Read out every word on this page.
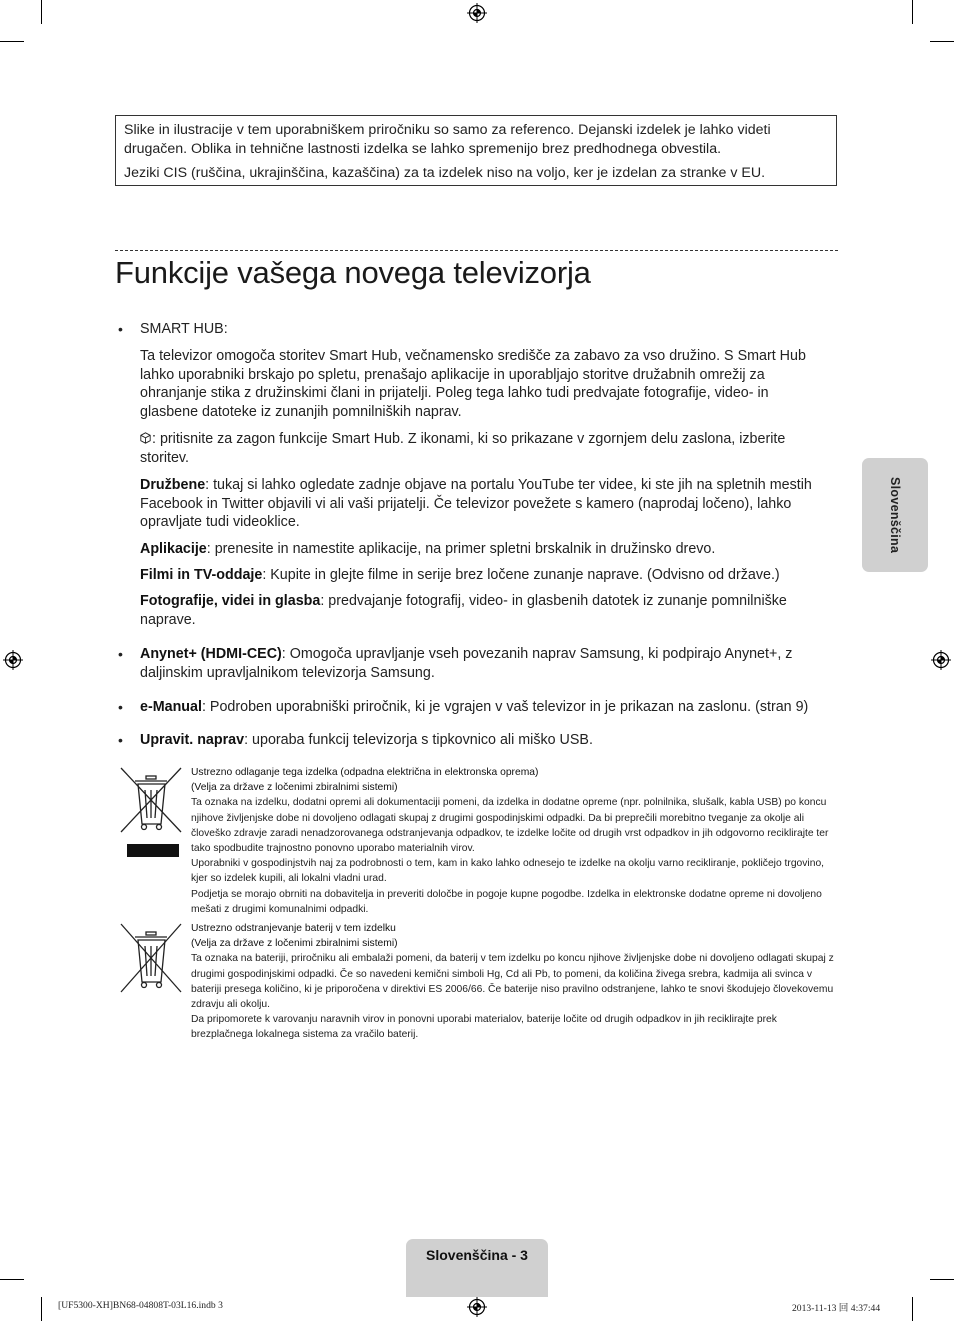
Slike in ilustracije v tem uporabniškem priročniku so samo za referenco. Dejanski izdelek je lahko videti drugačen. Oblika in tehnične lastnosti izdelka se lahko spremenijo brez predhodnega obvestila.

Jeziki CIS (ruščina, ukrajinščina, kazaščina) za ta izdelek niso na voljo, ker je izdelan za stranke v EU.

Funkcije vašega novega televizorja
• SMART HUB:

Ta televizor omogoča storitev Smart Hub, večnamensko središče za zabavo za vso družino. S Smart Hub lahko uporabniki brskajo po spletu, prenašajo aplikacije in uporabljajo storitve družabnih omrežij za ohranjanje stika z družinskimi člani in prijatelji. Poleg tega lahko tudi predvajate fotografije, video- in glasbene datoteke iz zunanjih pomnilniških naprav.

: pritisnite za zagon funkcije Smart Hub. Z ikonami, ki so prikazane v zgornjem delu zaslona, izberite storitev.

Družbene: tukaj si lahko ogledate zadnje objave na portalu YouTube ter videe, ki ste jih na spletnih mestih Facebook in Twitter objavili vi ali vaši prijatelji. Če televizor povežete s kamero (naprodaj ločeno), lahko opravljate tudi videoklice.

Aplikacije: prenesite in namestite aplikacije, na primer spletni brskalnik in družinsko drevo.

Filmi in TV-oddaje: Kupite in glejte filme in serije brez ločene zunanje naprave. (Odvisno od države.)

Fotografije, videi in glasba: predvajanje fotografij, video- in glasbenih datotek iz zunanje pomnilniške naprave.

• Anynet+ (HDMI-CEC): Omogoča upravljanje vseh povezanih naprav Samsung, ki podpirajo Anynet+, z daljinskim upravljalnikom televizorja Samsung.

• e-Manual: Podroben uporabniški priročnik, ki je vgrajen v vaš televizor in je prikazan na zaslonu. (stran 9)

• Upravit. naprav: uporaba funkcij televizorja s tipkovnico ali miško USB.

Ustrezno odlaganje tega izdelka (odpadna električna in elektronska oprema)

(Velja za države z ločenimi zbiralnimi sistemi)

Ta oznaka na izdelku, dodatni opremi ali dokumentaciji pomeni, da izdelka in dodatne opreme (npr. polnilnika, slušalk, kabla USB) po koncu njihove življenjske dobe ni dovoljeno odlagati skupaj z drugimi gospodinjskimi odpadki. Da bi preprečili morebitno tveganje za okolje ali človeško zdravje zaradi nenadzorovanega odstranjevanja odpadkov, te izdelke ločite od drugih vrst odpadkov in jih odgovorno reciklirajte ter tako spodbudite trajnostno ponovno uporabo materialnih virov.

Uporabniki v gospodinjstvih naj za podrobnosti o tem, kam in kako lahko odnesejo te izdelke na okolju varno recikliranje, pokličejo trgovino, kjer so izdelek kupili, ali lokalni vladni urad.

Podjetja se morajo obrniti na dobavitelja in preveriti določbe in pogoje kupne pogodbe. Izdelka in elektronske dodatne opreme ni dovoljeno mešati z drugimi komunalnimi odpadki.

Ustrezno odstranjevanje baterij v tem izdelku

(Velja za države z ločenimi zbiralnimi sistemi)

Ta oznaka na bateriji, priročniku ali embalaži pomeni, da baterij v tem izdelku po koncu njihove življenjske dobe ni dovoljeno odlagati skupaj z drugimi gospodinjskimi odpadki. Če so navedeni kemični simboli Hg, Cd ali Pb, to pomeni, da količina živega srebra, kadmija ali svinca v bateriji presega količino, ki je priporočena v direktivi ES 2006/66. Če baterije niso pravilno odstranjene, lahko te snovi škodujejo človekovemu zdravju ali okolju.

Da pripomorete k varovanju naravnih virov in ponovni uporabi materialov, baterije ločite od drugih odpadkov in jih reciklirajte prek brezplačnega lokalnega sistema za vračilo baterij.

Slovenščina
Slovenščina - 3
[UF5300-XH]BN68-04808T-03L16.indb 3	2013-11-13 回 4:37:44
